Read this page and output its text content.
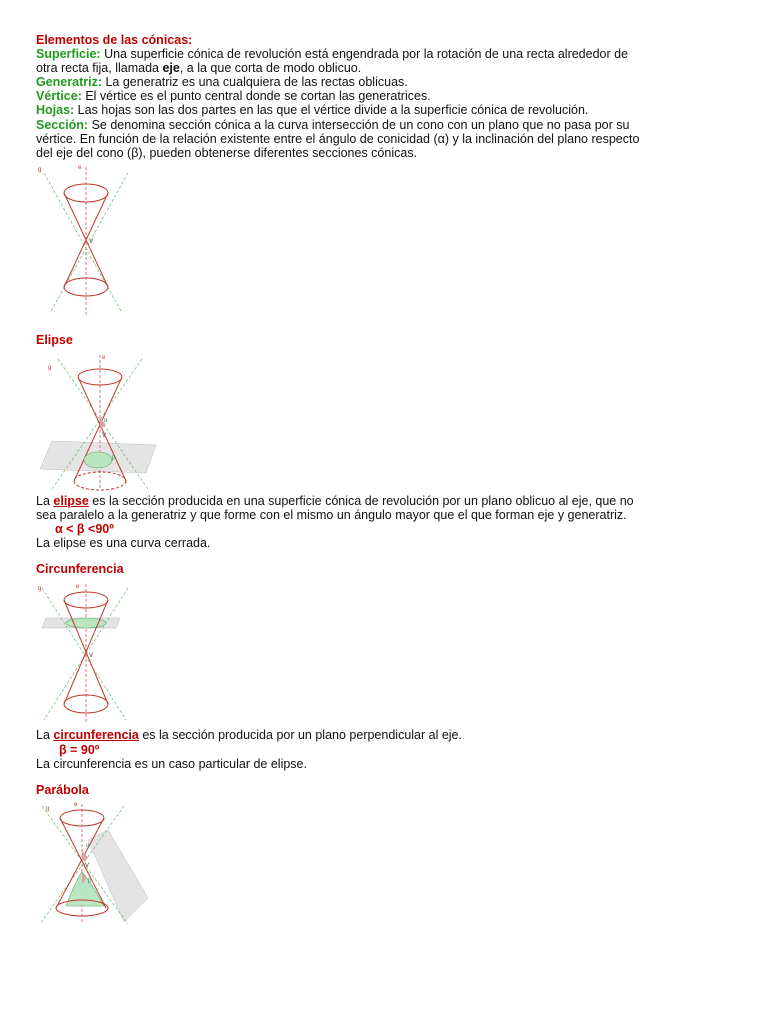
Elementos de las cónicas:

Superficie: Una superficie cónica de revolución está engendrada por la rotación de una recta alrededor de otra recta fija, llamada eje, a la que corta de modo oblicuo.

Generatriz: La generatriz es una cualquiera de las rectas oblicuas.

Vértice: El vértice es el punto central donde se cortan las generatrices.

Hojas: Las hojas son las dos partes en las que el vértice divide a la superficie cónica de revolución.

Sección: Se denomina sección cónica a la curva intersección de un cono con un plano que no pasa por su vértice. En función de la relación existente entre el ángulo de conicidad (α) y la inclinación del plano respecto del eje del cono (β), pueden obtenerse diferentes secciones cónicas.

g	e
V
Elipse
g
e
α
V
β

La elipse es la sección producida en una superficie cónica de revolución por un plano oblicuo al eje, que no sea paralelo a la generatriz y que forme con el mismo un ángulo mayor que el que forman eje y generatriz.

α < β <90º

La elipse es una curva cerrada.

Circunferencia
g	e
V

La circunferencia es la sección producida por un plano perpendicular al eje.

β = 90º

La circunferencia es un caso particular de elipse.

Parábola
g
e
α
V
β
